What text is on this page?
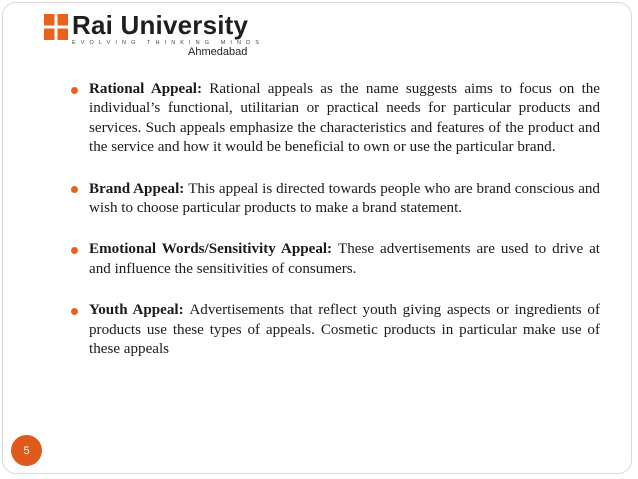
Rai University
EVOLVING THINKING MINDS
Ahmedabad
Rational Appeal: Rational appeals as the name suggests aims to focus on the individual’s functional, utilitarian or practical needs for particular products and services. Such appeals emphasize the characteristics and features of the product and the service and how it would be beneficial to own or use the particular brand.
Brand Appeal: This appeal is directed towards people who are brand conscious and wish to choose particular products to make a brand statement.
Emotional Words/Sensitivity Appeal: These advertisements are used to drive at and influence the sensitivities of consumers.
Youth Appeal: Advertisements that reflect youth giving aspects or ingredients of products use these types of appeals. Cosmetic products in particular make use of these appeals
5
